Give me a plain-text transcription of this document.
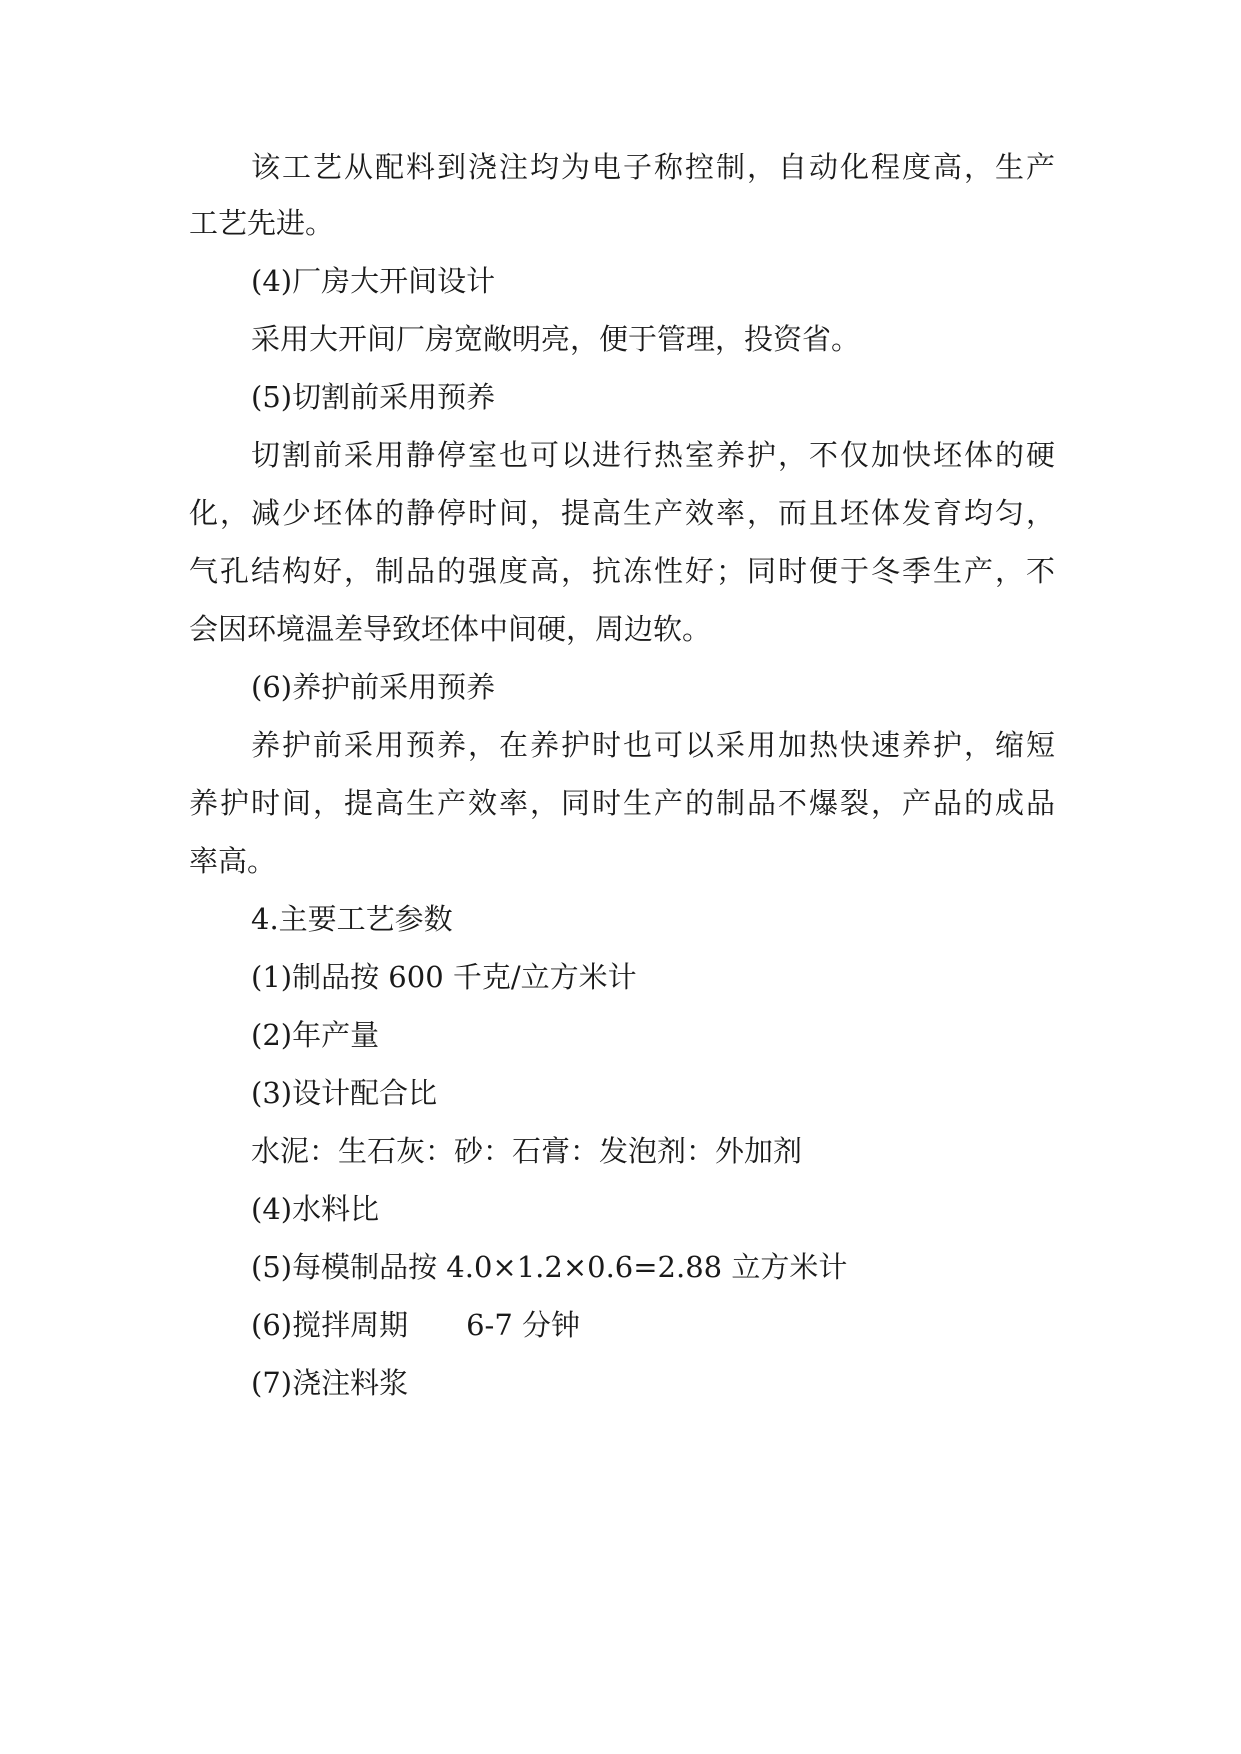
该工艺从配料到浇注均为电子称控制，自动化程度高，生产
工艺先进。
(4)厂房大开间设计
采用大开间厂房宽敞明亮，便于管理，投资省。
(5)切割前采用预养
切割前采用静停室也可以进行热室养护，不仅加快坯体的硬
化，减少坯体的静停时间，提高生产效率，而且坯体发育均匀，
气孔结构好，制品的强度高，抗冻性好；同时便于冬季生产，不
会因环境温差导致坯体中间硬，周边软。
(6)养护前采用预养
养护前采用预养，在养护时也可以采用加热快速养护，缩短
养护时间，提高生产效率，同时生产的制品不爆裂，产品的成品
率高。
4.主要工艺参数
(1)制品按 600 千克/立方米计
(2)年产量
(3)设计配合比
水泥：生石灰：砂：石膏：发泡剂：外加剂
(4)水料比
(5)每模制品按 4.0×1.2×0.6=2.88 立方米计
(6)搅拌周期 6-7 分钟
(7)浇注料浆
